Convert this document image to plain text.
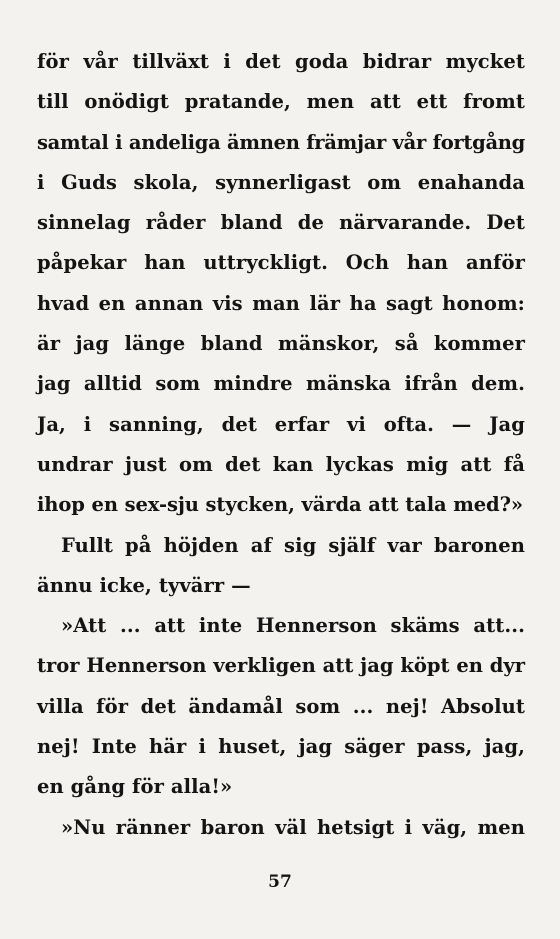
för vår tillväxt i det goda bidrar mycket
till onödigt pratande, men att ett fromt
samtal i andeliga ämnen främjar vår fortgång
i Guds skola, synnerligast om enahanda
sinnelag råder bland de närvarande. Det
påpekar han uttryckligt. Och han anför
hvad en annan vis man lär ha sagt honom:
är jag länge bland mänskor, så kommer
jag alltid som mindre mänska ifrån dem.
Ja, i sanning, det erfar vi ofta. — Jag
undrar just om det kan lyckas mig att få
ihop en sex-sju stycken, värda att tala med?»
Fullt på höjden af sig själf var baronen
ännu icke, tyvärr —
»Att ... att inte Hennerson skäms att...
tror Hennerson verkligen att jag köpt en dyr
villa för det ändamål som ... nej! Absolut
nej! Inte här i huset, jag säger pass, jag,
en gång för alla!»
»Nu ränner baron väl hetsigt i väg, men
57
